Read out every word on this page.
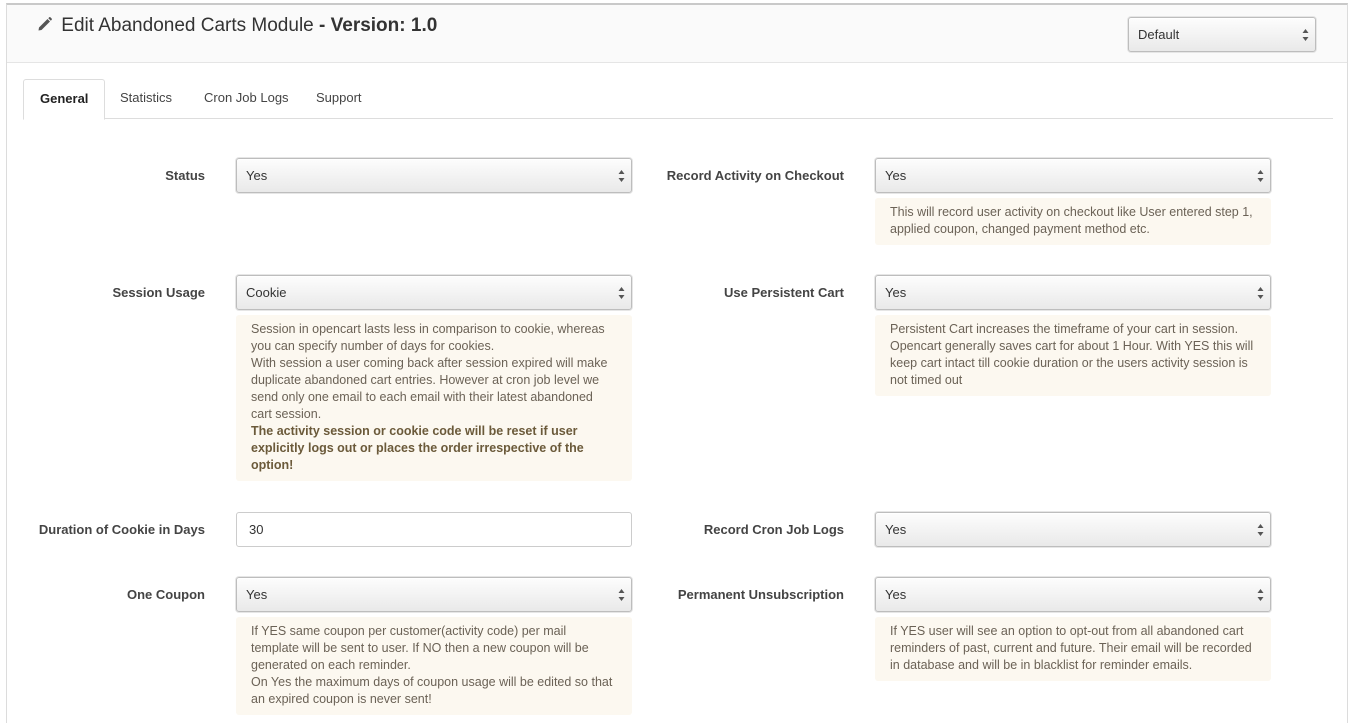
Edit Abandoned Carts Module - Version: 1.0	Default
General	Statistics	Cron Job Logs	Support
Status	Yes	Record Activity on Checkout	Yes

This will record user activity on checkout like User entered step 1, applied coupon, changed payment method etc.

Session Usage	Cookie

Session in opencart lasts less in comparison to cookie, whereas you can specify number of days for cookies.

With session a user coming back after session expired will make duplicate abandoned cart entries. However at cron job level we send only one email to each email with their latest abandoned cart session.

The activity session or cookie code will be reset if user explicitly logs out or places the order irrespective of the option!

Use Persistent Cart	Yes

Persistent Cart increases the timeframe of your cart in session. Opencart generally saves cart for about 1 Hour. With YES this will keep cart intact till cookie duration or the users activity session is not timed out

Duration of Cookie in Days	30	Record Cron Job Logs	Yes
One Coupon	Yes

If YES same coupon per customer(activity code) per mail template will be sent to user. If NO then a new coupon will be generated on each reminder.

On Yes the maximum days of coupon usage will be edited so that an expired coupon is never sent!

Permanent Unsubscription	Yes

If YES user will see an option to opt-out from all abandoned cart reminders of past, current and future. Their email will be recorded in database and will be in blacklist for reminder emails.
